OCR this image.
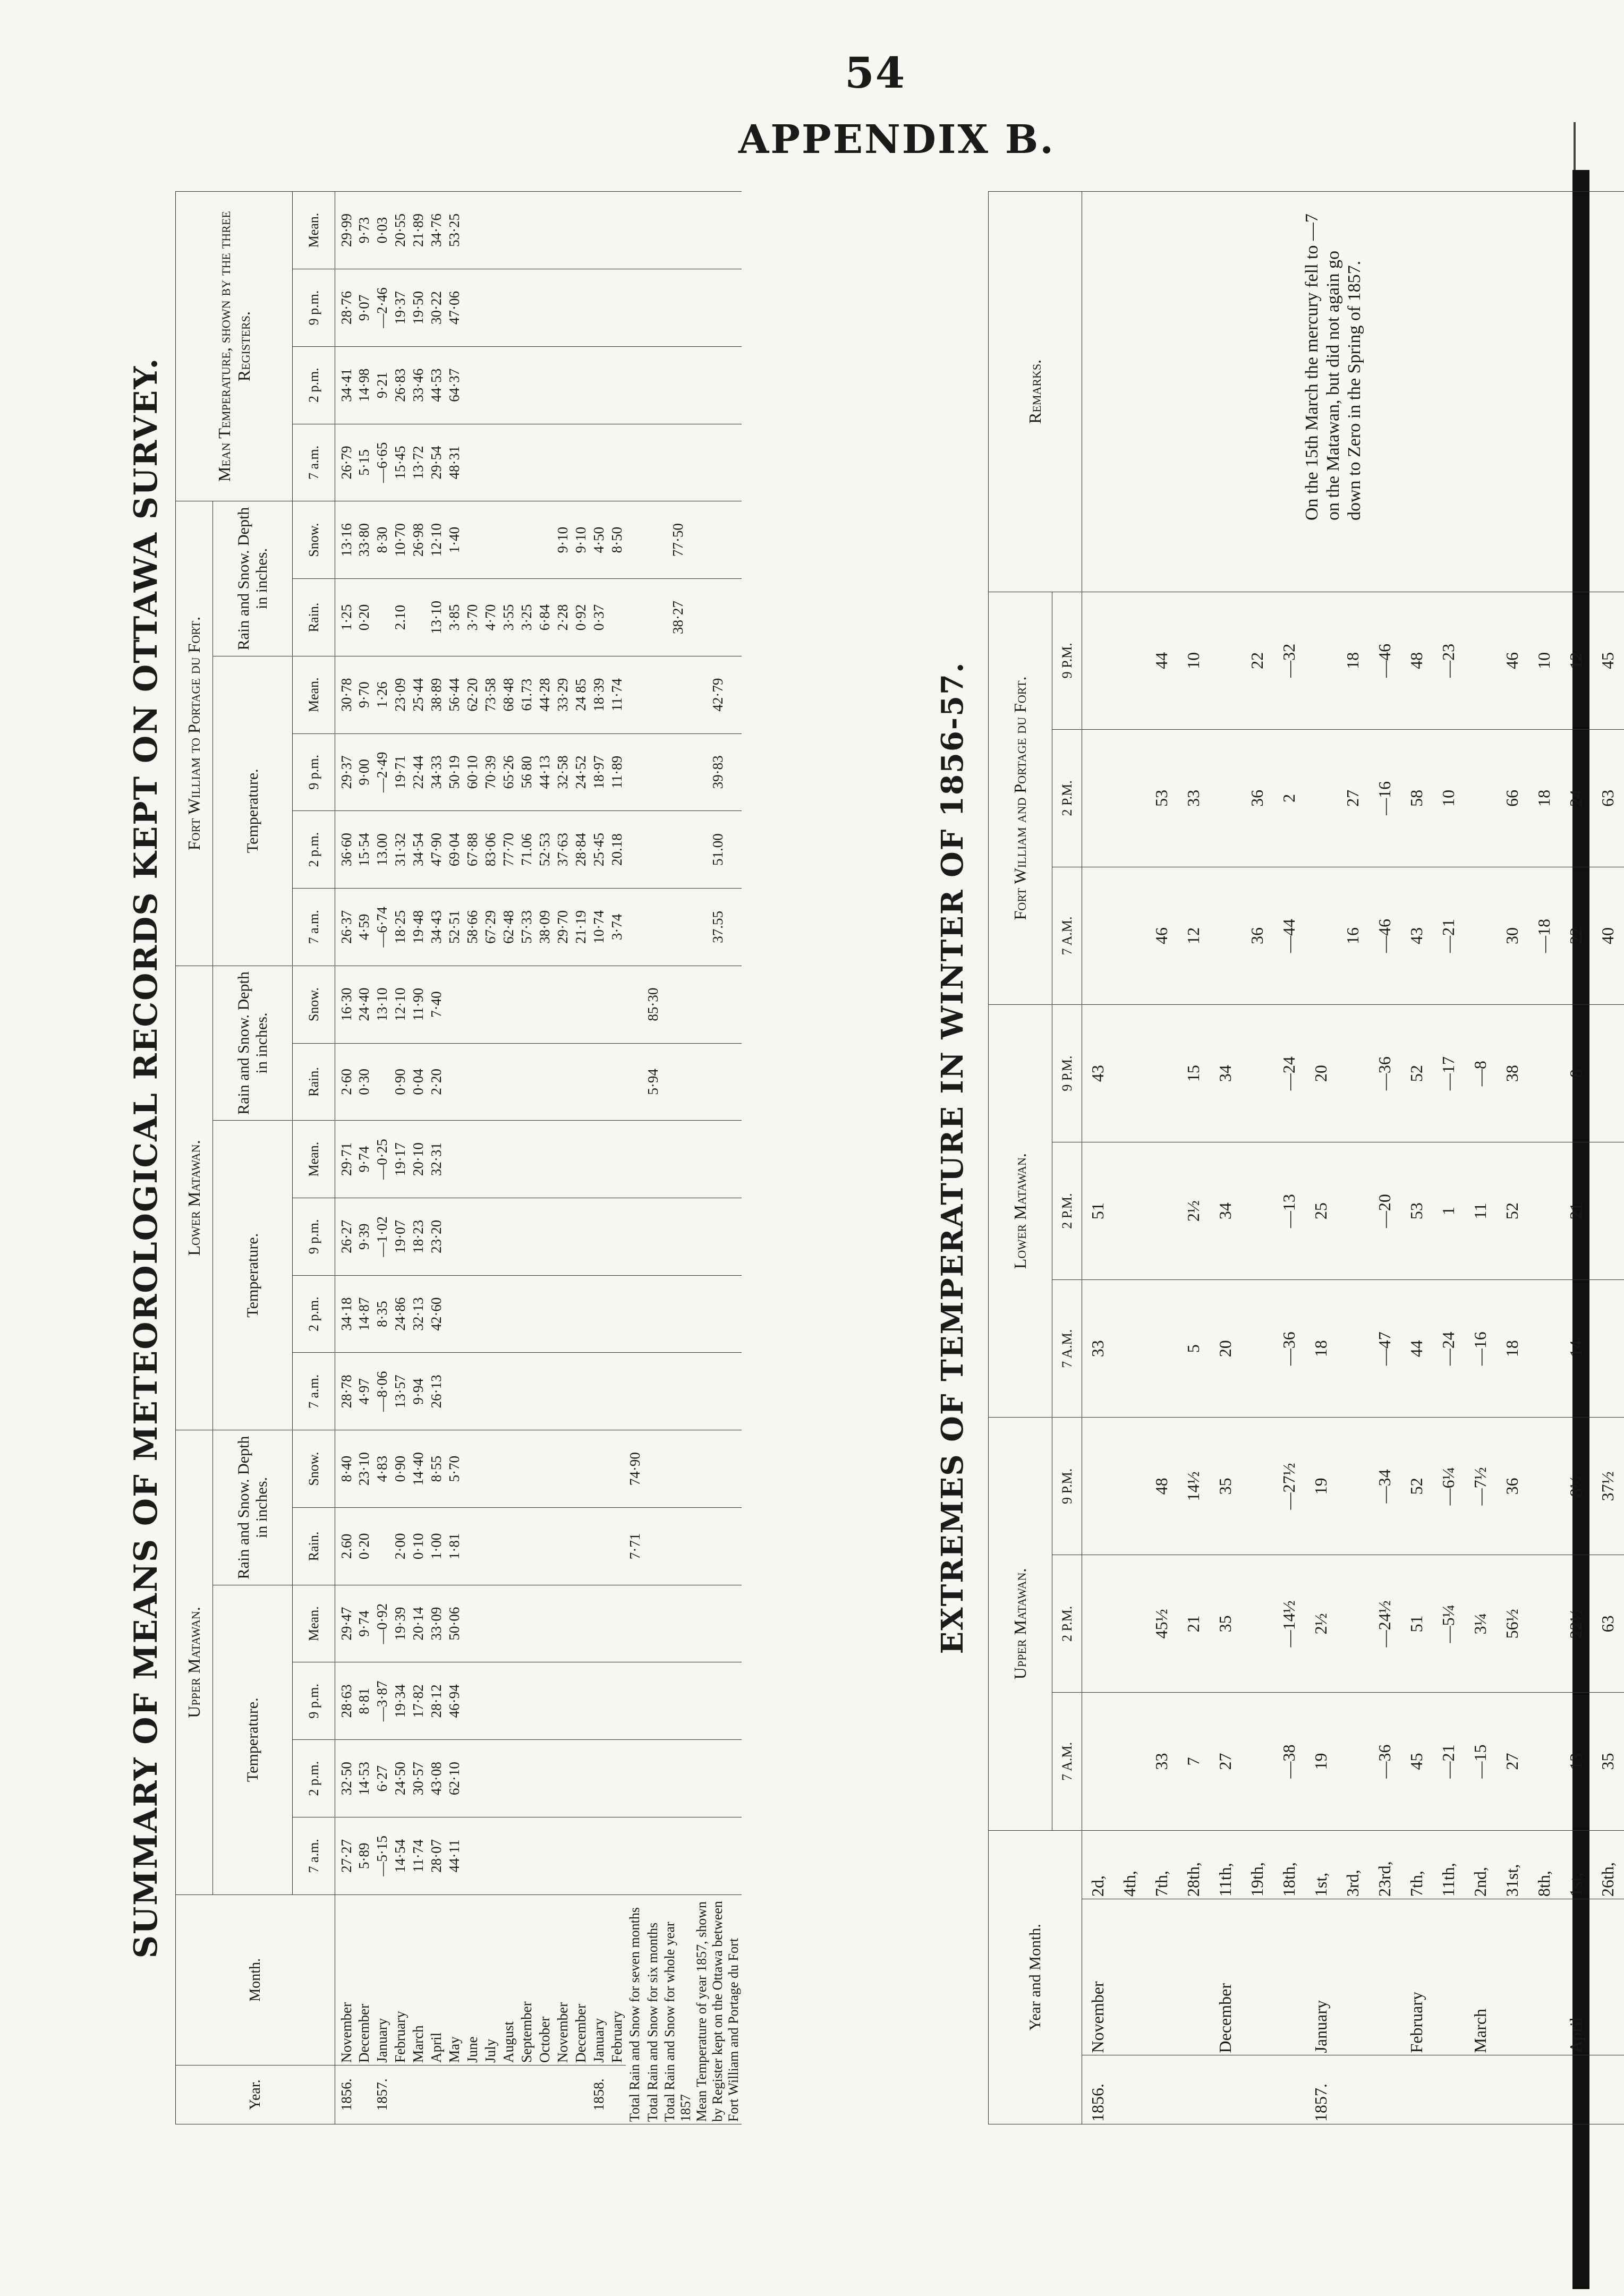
54
APPENDIX B.
SUMMARY OF MEANS OF METEOROLOGICAL RECORDS KEPT ON OTTAWA SURVEY.
Year.	Month.	Upper Matawan.						Lower Matawan.						Fort William to Portage du Fort.						Mean Temperature, shown by the three Registers.			
		Temperature.				Rain and Snow. Depth in inches.		Temperature.				Rain and Snow. Depth in inches.		Temperature.				Rain and Snow. Depth in inches.					
		7 a.m.	2 p.m.	9 p.m.	Mean.	Rain.	Snow.	7 a.m.	2 p.m.	9 p.m.	Mean.	Rain.	Snow.	7 a.m.	2 p.m.	9 p.m.	Mean.	Rain.	Snow.	7 a.m.	2 p.m.	9 p.m.	Mean.
1856.	November	27·27	32·50	28·63	29·47	2.60	8·40	28·78	34·18	26·27	29·71	2·60	16·30	26·37	36·60	29·37	30·78	1·25	13·16	26·79	34·41	28·76	29·99
	December	5·89	14·53	8·81	9·74	0·20	23·10	4·97	14·87	9·39	9·74	0·30	24·40	4·59	15·54	9·00	9·70	0·20	33·80	5·15	14·98	9·07	9·73
1857.	January	—5·15	6·27	—3·87	—0·92		4·83	—8·06	8·35	—1·02	—0·25		13·10	—6·74	13.00	—2·49	1·26		8·30	—6·65	9·21	—2·46	0·03
	February	14·54	24·50	19·34	19·39	2·00	0·90	13·57	24·86	19·07	19·17	0·90	12·10	18·25	31·32	19·71	23·09	2.10	10·70	15·45	26·83	19·37	20·55
	March	11·74	30·57	17·82	20·14	0·10	14·40	9·94	32·13	18·23	20·10	0·04	11·90	19·48	34·54	22·44	25·44		26·98	13·72	33·46	19·50	21·89
	April	28·07	43·08	28·12	33·09	1·00	8·55	26·13	42·60	23·20	32·31	2·20	7·40	34·43	47·90	34·33	38·89	13·10	12·10	29·54	44·53	30·22	34·76
	May	44·11	62·10	46·94	50·06	1·81	5·70							52·51	69·04	50·19	56·44	3·85	1·40	48·31	64·37	47·06	53·25
	June													58·66	67·88	60·10	62·20	3·70					
	July													67·29	83·06	70·39	73·58	4·70					
	August													62·48	77·70	65·26	68·48	3·55					
	September													57·33	71.06	56 80	61.73	3·25					
	October													38·09	52·53	44·13	44·28	6·84					
	November													29·70	37·63	32·58	33·29	2·28	9·10				
	December													21·19	28·84	24·52	24 85	0·92	9·10				
1858.	January													10·74	25·45	18·97	18·39	0·37	4·50				
	February													3·74	20.18	11·89	11·74		8·50				
Total Rain and Snow for seven months						7·71	74·90																
Total Rain and Snow for six months												5·94	85·30										
Total Rain and Snow for whole year 1857																		38·27	77·50				
Mean Temperature of year 1857, shown by Register kept on the Ottawa between Fort William and Portage du Fort														37.55	51.00	39·83	42·79							EXTREMES OF TEMPERATURE IN WINTER OF 1856-57.
Year and Month.			Upper Matawan.			Lower Matawan.			Fort William and Portage du Fort.			Remarks.
			7 A.M.	2 P.M.	9 P.M.	7 A.M.	2 P.M.	9 P.M.	7 A.M.	2 P.M.	9 P.M.	
1856.	November	2d,				33	51	43				
		4th,										
		7th,	33	45½	48				46	53	44	
		28th,	7	21	14½	5	2½	15	12	33	10	
	December	11th,	27	35	35	20	34	34				
		19th,							36	36	22	
		18th,	—38	—14½	—27½	—36	—13	—24	—44	2	—32	
1857.	January	1st,	19	2½	19	18	25	20				
		3rd,							16	27	18	
		23rd,	—36	—24½	—34	—47	—20	—36	—46	—16	—46	
	February	7th,	45	51	52	44	53	52	43	58	48	
		11th,	—21	—5¼	—6¼	—24	1	—17	—21	10	—23	
	March	2nd,	—15	3¼	—7½	—16	11	—8				
		31st,	27	56½	36	18	52	38	30	66	46	
		8th,							—18	18	10	
	April	1st,	13	22½	8½	14	21	8	22	24	12	
		26th,	35	63	37½				40	63	45	
On the 15th March the mercury fell to —7 on the Matawan, but did not again go down to Zero in the Spring of 1857.
